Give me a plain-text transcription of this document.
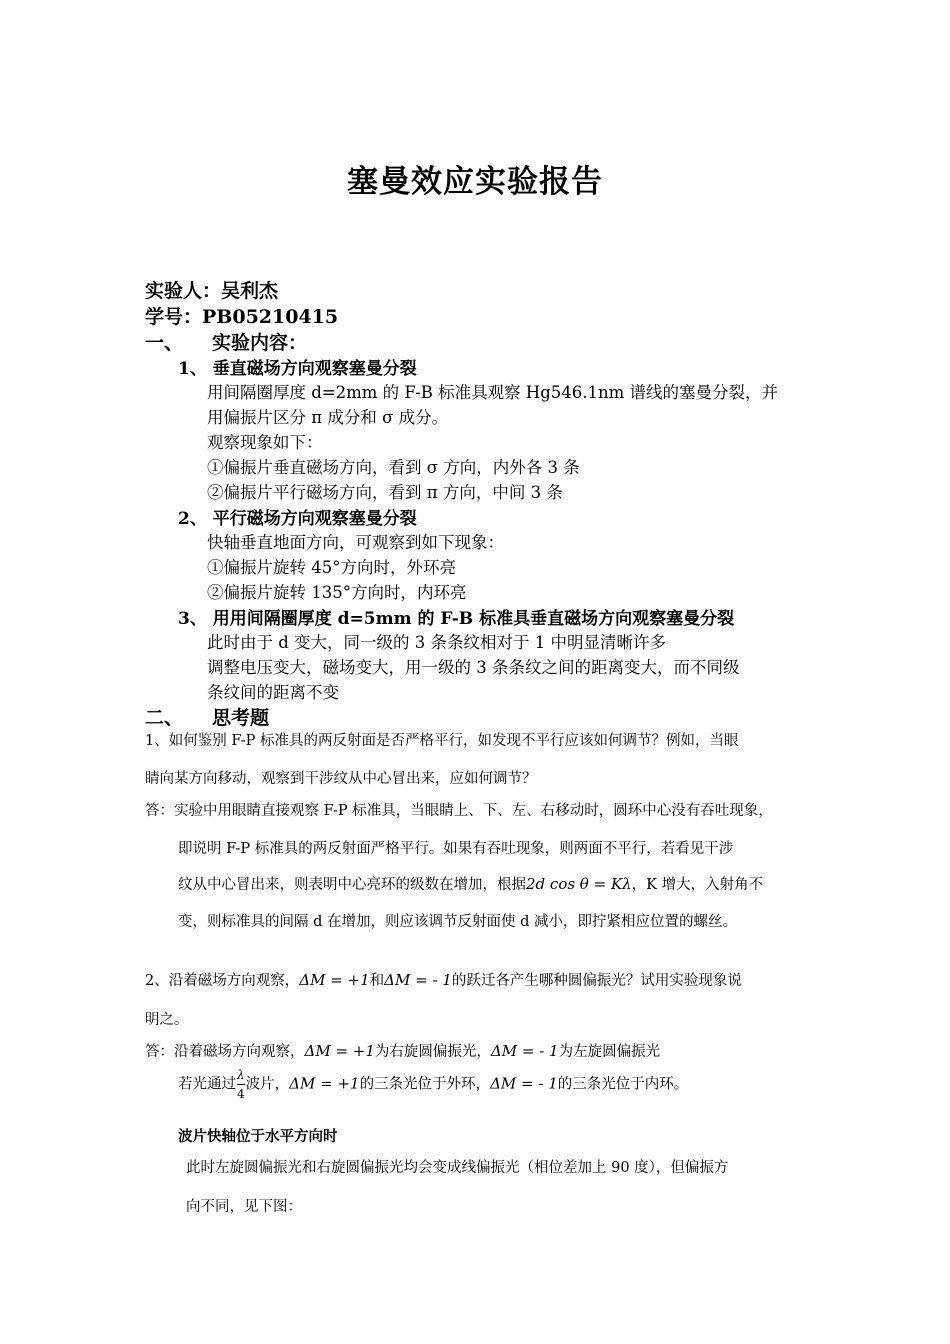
塞曼效应实验报告
实验人：吴利杰
学号：PB05210415
一、 实验内容：
1、 垂直磁场方向观察塞曼分裂
用间隔圈厚度 d=2mm 的 F-B 标准具观察 Hg546.1nm 谱线的塞曼分裂，并
用偏振片区分 π 成分和 σ 成分。
观察现象如下：
①偏振片垂直磁场方向，看到 σ 方向，内外各 3 条
②偏振片平行磁场方向，看到 π 方向，中间 3 条
2、 平行磁场方向观察塞曼分裂
快轴垂直地面方向，可观察到如下现象：
①偏振片旋转 45°方向时，外环亮
②偏振片旋转 135°方向时，内环亮
3、 用用间隔圈厚度 d=5mm 的 F-B 标准具垂直磁场方向观察塞曼分裂
此时由于 d 变大，同一级的 3 条条纹相对于 1 中明显清晰许多
调整电压变大，磁场变大，用一级的 3 条条纹之间的距离变大，而不同级
条纹间的距离不变
二、 思考题
1、如何鉴别 F-P 标准具的两反射面是否严格平行，如发现不平行应该如何调节？例如，当眼
睛向某方向移动，观察到干涉纹从中心冒出来，应如何调节？
答：实验中用眼睛直接观察 F-P 标准具，当眼睛上、下、左、右移动时，圆环中心没有吞吐现象，
即说明 F-P 标准具的两反射面严格平行。如果有吞吐现象，则两面不平行，若看见干涉
纹从中心冒出来，则表明中心亮环的级数在增加，根据2d cos θ = Kλ，K 增大，入射角不
变，则标准具的间隔 d 在增加，则应该调节反射面使 d 减小，即拧紧相应位置的螺丝。
2、沿着磁场方向观察，ΔM = +1和ΔM = - 1的跃迁各产生哪种圆偏振光？试用实验现象说
明之。
答：沿着磁场方向观察，ΔM = +1为右旋圆偏振光，ΔM = - 1为左旋圆偏振光
若光通过 $\frac{\lambda}{4}$ 波片，ΔM = +1的三条光位于外环，ΔM = - 1的三条光位于内环。
波片快轴位于水平方向时
此时左旋圆偏振光和右旋圆偏振光均会变成线偏振光（相位差加上 90 度），但偏振方
向不同，见下图：
